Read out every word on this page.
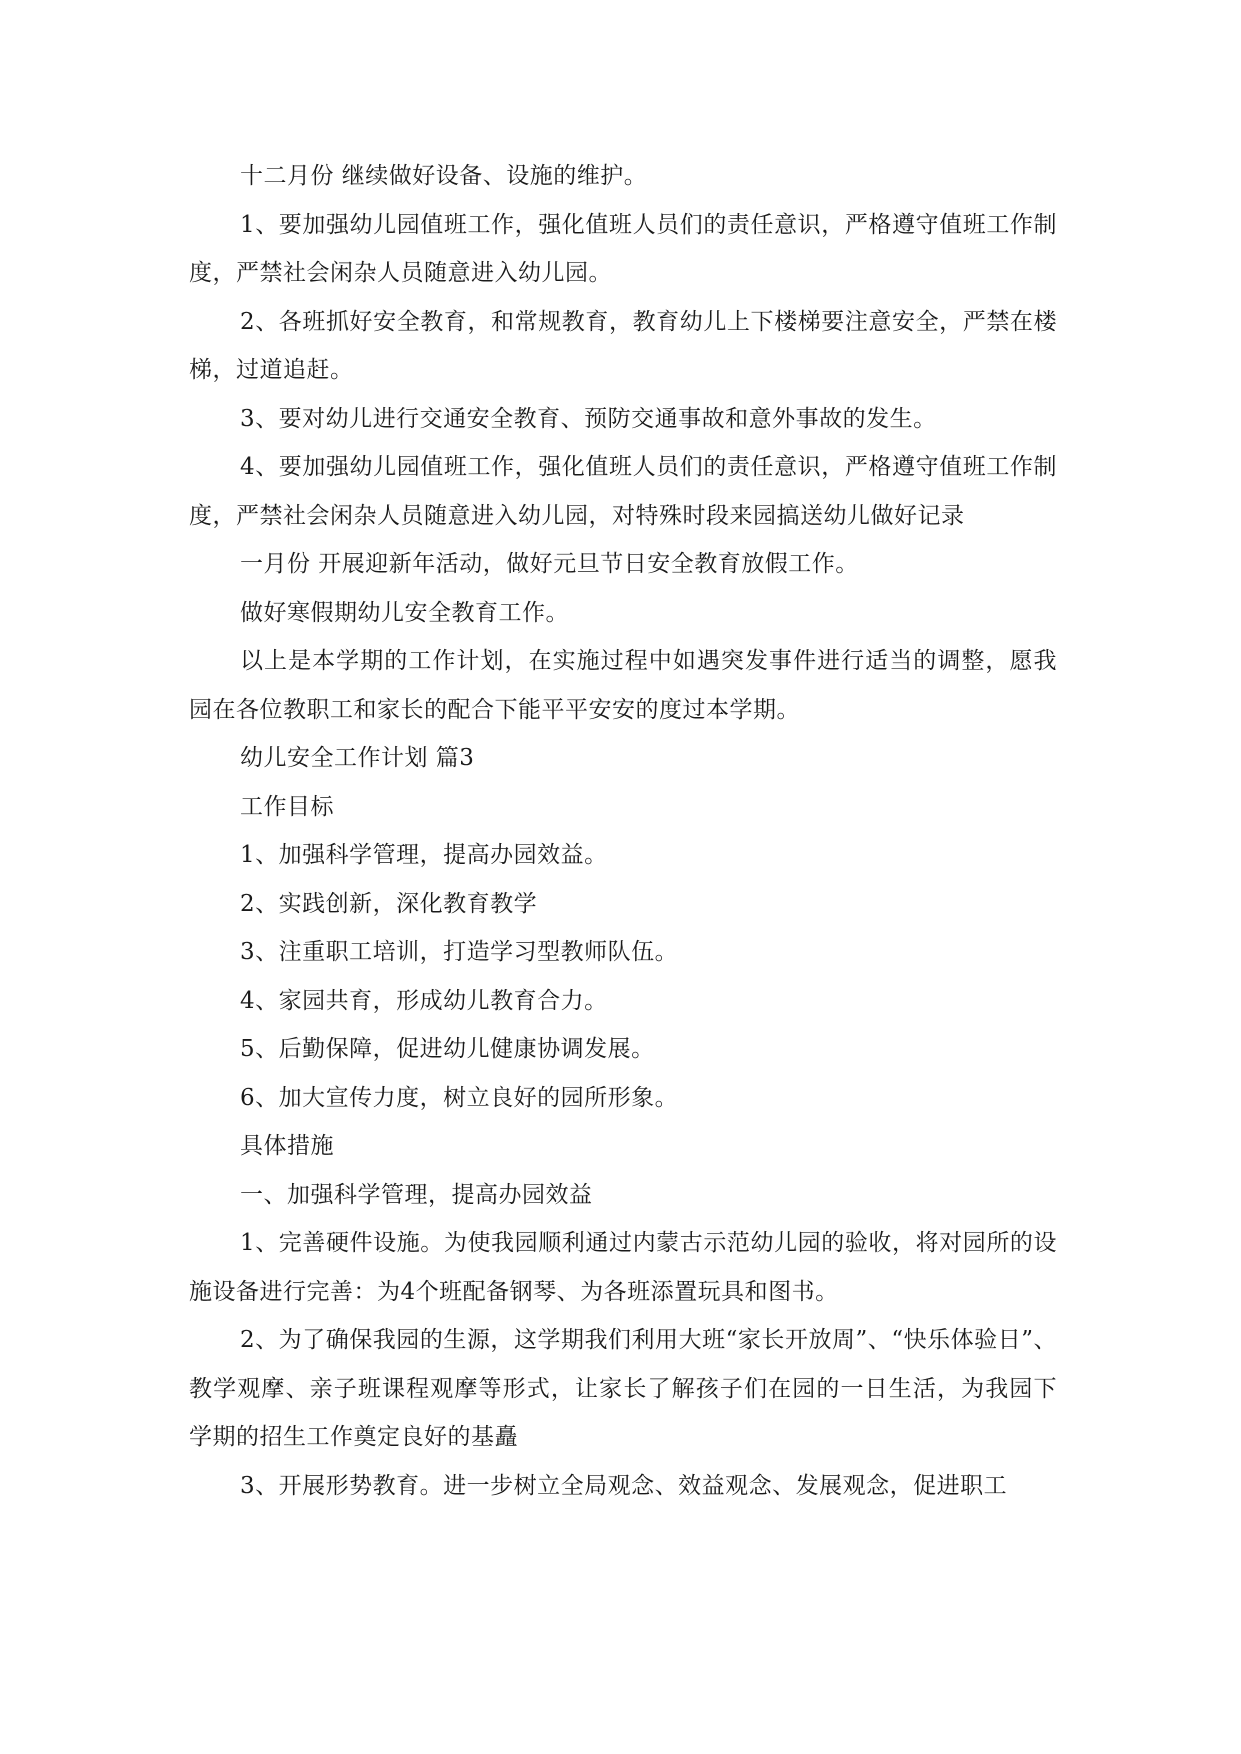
十二月份 继续做好设备、设施的维护。

1、要加强幼儿园值班工作，强化值班人员们的责任意识，严格遵守值班工作制度，严禁社会闲杂人员随意进入幼儿园。

2、各班抓好安全教育，和常规教育，教育幼儿上下楼梯要注意安全，严禁在楼梯，过道追赶。

3、要对幼儿进行交通安全教育、预防交通事故和意外事故的发生。

4、要加强幼儿园值班工作，强化值班人员们的责任意识，严格遵守值班工作制度，严禁社会闲杂人员随意进入幼儿园，对特殊时段来园搞送幼儿做好记录

一月份 开展迎新年活动，做好元旦节日安全教育放假工作。

做好寒假期幼儿安全教育工作。

以上是本学期的工作计划，在实施过程中如遇突发事件进行适当的调整，愿我园在各位教职工和家长的配合下能平平安安的度过本学期。

幼儿安全工作计划 篇3

工作目标

1、加强科学管理，提高办园效益。

2、实践创新，深化教育教学

3、注重职工培训，打造学习型教师队伍。

4、家园共育，形成幼儿教育合力。

5、后勤保障，促进幼儿健康协调发展。

6、加大宣传力度，树立良好的园所形象。

具体措施

一、加强科学管理，提高办园效益

1、完善硬件设施。为使我园顺利通过内蒙古示范幼儿园的验收，将对园所的设施设备进行完善：为4个班配备钢琴、为各班添置玩具和图书。

2、为了确保我园的生源，这学期我们利用大班“家长开放周”、“快乐体验日”、教学观摩、亲子班课程观摩等形式，让家长了解孩子们在园的一日生活，为我园下学期的招生工作奠定良好的基矗

3、开展形势教育。进一步树立全局观念、效益观念、发展观念，促进职工
